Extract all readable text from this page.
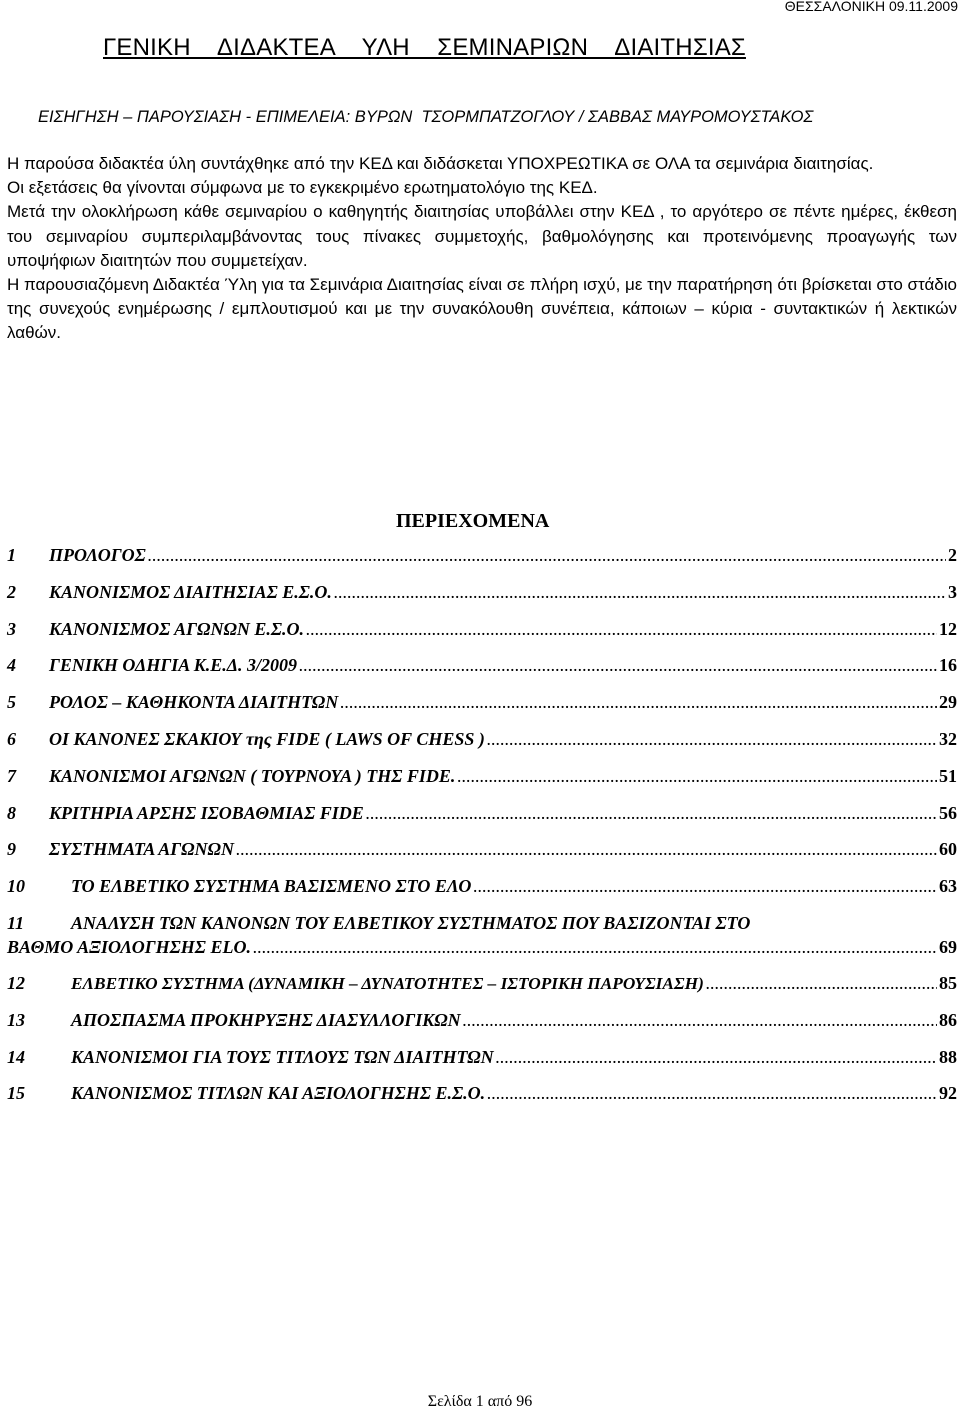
ΘΕΣΣΑΛΟΝΙΚΗ 09.11.2009
ΓΕΝΙΚΗ    ΔΙΔΑΚΤΕΑ    ΥΛΗ    ΣΕΜΙΝΑΡΙΩΝ    ΔΙΑΙΤΗΣΙΑΣ
ΕΙΣΗΓΗΣΗ – ΠΑΡΟΥΣΙΑΣΗ - ΕΠΙΜΕΛΕΙΑ: ΒΥΡΩΝ  ΤΣΟΡΜΠΑΤΖΟΓΛΟΥ / ΣΑΒΒΑΣ ΜΑΥΡΟΜΟΥΣΤΑΚΟΣ

Η παρούσα διδακτέα ύλη συντάχθηκε από την ΚΕΔ και διδάσκεται ΥΠΟΧΡΕΩΤΙΚΑ σε ΟΛΑ τα σεμινάρια διαιτησίας.

Οι εξετάσεις θα γίνονται σύμφωνα με το εγκεκριμένο ερωτηματολόγιο της ΚΕΔ.

Μετά την ολοκλήρωση κάθε σεμιναρίου ο καθηγητής διαιτησίας υποβάλλει στην ΚΕΔ , το αργότερο σε πέντε ημέρες, έκθεση του σεμιναρίου συμπεριλαμβάνοντας τους πίνακες συμμετοχής, βαθμολόγησης και προτεινόμενης προαγωγής των υποψήφιων διαιτητών που συμμετείχαν.

Η παρουσιαζόμενη Διδακτέα Ύλη για τα Σεμινάρια Διαιτησίας είναι σε πλήρη ισχύ, με την παρατήρηση ότι βρίσκεται στο στάδιο της συνεχούς ενημέρωσης / εμπλουτισμού και με την συνακόλουθη συνέπεια, κάποιων – κύρια - συντακτικών ή λεκτικών λαθών.

ΠΕΡΙΕΧΟΜΕΝΑ
1	ΠΡΟΛΟΓΟΣ .....	2
2	ΚΑΝΟΝΙΣΜΟΣ ΔΙΑΙΤΗΣΙΑΣ Ε.Σ.Ο. .....	3
3	ΚΑΝΟΝΙΣΜΟΣ ΑΓΩΝΩΝ Ε.Σ.Ο. .....	12
4	ΓΕΝΙΚΗ ΟΔΗΓΙΑ Κ.Ε.Δ. 3/2009 .....	16
5	ΡΟΛΟΣ – ΚΑΘΗΚΟΝΤΑ ΔΙΑΙΤΗΤΩΝ .....	29
6	ΟΙ ΚΑΝΟΝΕΣ ΣΚΑΚΙΟΥ της FIDE ( LAWS OF CHESS ) .....	32
7	ΚΑΝΟΝΙΣΜΟΙ ΑΓΩΝΩΝ ( ΤΟΥΡΝΟΥΑ ) ΤΗΣ FIDE. .....	51
8	ΚΡΙΤΗΡΙΑ ΑΡΣΗΣ ΙΣΟΒΑΘΜΙΑΣ FIDE .....	56
9	ΣΥΣΤΗΜΑΤΑ ΑΓΩΝΩΝ .....	60
10	ΤΟ ΕΛΒΕΤΙΚΟ ΣΥΣΤΗΜΑ ΒΑΣΙΣΜΕΝΟ ΣΤΟ ΕΛΟ .....	63
11	ΑΝΑΛΥΣΗ ΤΩΝ ΚΑΝΟΝΩΝ ΤΟΥ ΕΛΒΕΤΙΚΟΥ ΣΥΣΤΗΜΑΤΟΣ ΠΟΥ ΒΑΣΙΖΟΝΤΑΙ ΣΤΟ
ΒΑΘΜΟ ΑΞΙΟΛΟΓΗΣΗΣ ELO. .....	69
12	ΕΛΒΕΤΙΚΟ ΣΥΣΤΗΜΑ (ΔΥΝΑΜΙΚΗ – ΔΥΝΑΤΟΤΗΤΕΣ – ΙΣΤΟΡΙΚΗ ΠΑΡΟΥΣΙΑΣΗ) .....	85
13	ΑΠΟΣΠΑΣΜΑ ΠΡΟΚΗΡΥΞΗΣ ΔΙΑΣΥΛΛΟΓΙΚΩΝ .....	86
14	ΚΑΝΟΝΙΣΜΟΙ ΓΙΑ ΤΟΥΣ ΤΙΤΛΟΥΣ ΤΩΝ ΔΙΑΙΤΗΤΩΝ .....	88
15	ΚΑΝΟΝΙΣΜΟΣ ΤΙΤΛΩΝ ΚΑΙ ΑΞΙΟΛΟΓΗΣΗΣ Ε.Σ.Ο. .....	92
Σελίδα 1 από 96
